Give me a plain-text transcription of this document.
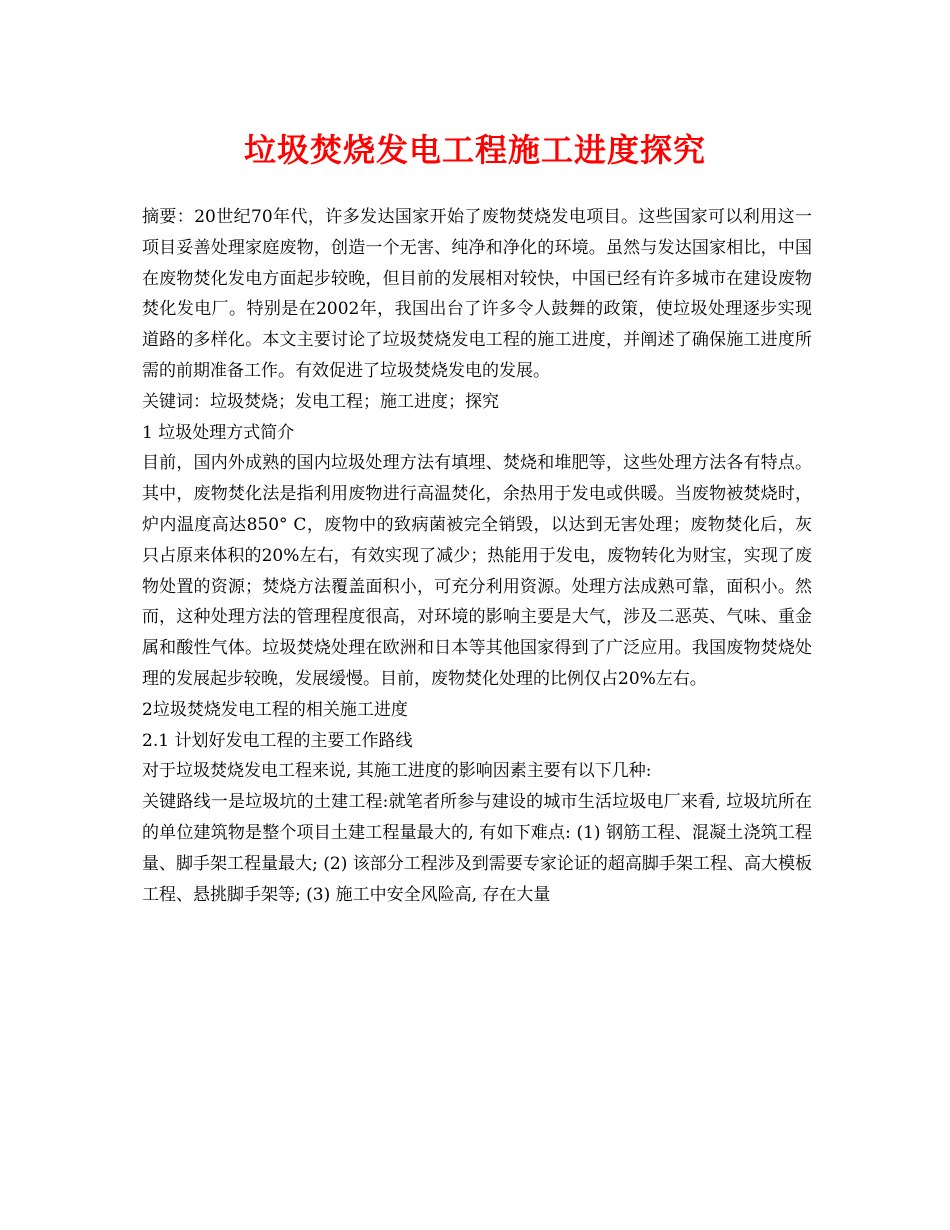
垃圾焚烧发电工程施工进度探究

摘要：20世纪70年代，许多发达国家开始了废物焚烧发电项目。这些国家可以利用这一项目妥善处理家庭废物，创造一个无害、纯净和净化的环境。虽然与发达国家相比，中国在废物焚化发电方面起步较晚，但目前的发展相对较快，中国已经有许多城市在建设废物焚化发电厂。特别是在2002年，我国出台了许多令人鼓舞的政策，使垃圾处理逐步实现道路的多样化。本文主要讨论了垃圾焚烧发电工程的施工进度，并阐述了确保施工进度所需的前期准备工作。有效促进了垃圾焚烧发电的发展。

关键词：垃圾焚烧；发电工程；施工进度；探究

1 垃圾处理方式简介

目前，国内外成熟的国内垃圾处理方法有填埋、焚烧和堆肥等，这些处理方法各有特点。其中，废物焚化法是指利用废物进行高温焚化，余热用于发电或供暖。当废物被焚烧时，炉内温度高达850° C，废物中的致病菌被完全销毁，以达到无害处理；废物焚化后，灰只占原来体积的20%左右，有效实现了减少；热能用于发电，废物转化为财宝，实现了废物处置的资源；焚烧方法覆盖面积小，可充分利用资源。处理方法成熟可靠，面积小。然而，这种处理方法的管理程度很高，对环境的影响主要是大气，涉及二恶英、气味、重金属和酸性气体。垃圾焚烧处理在欧洲和日本等其他国家得到了广泛应用。我国废物焚烧处理的发展起步较晚，发展缓慢。目前，废物焚化处理的比例仅占20%左右。

2垃圾焚烧发电工程的相关施工进度

2.1 计划好发电工程的主要工作路线

对于垃圾焚烧发电工程来说, 其施工进度的影响因素主要有以下几种:

关键路线一是垃圾坑的土建工程:就笔者所参与建设的城市生活垃圾电厂来看, 垃圾坑所在的单位建筑物是整个项目土建工程量最大的, 有如下难点: (1) 钢筋工程、混凝土浇筑工程量、脚手架工程量最大; (2) 该部分工程涉及到需要专家论证的超高脚手架工程、高大模板工程、悬挑脚手架等; (3) 施工中安全风险高, 存在大量
